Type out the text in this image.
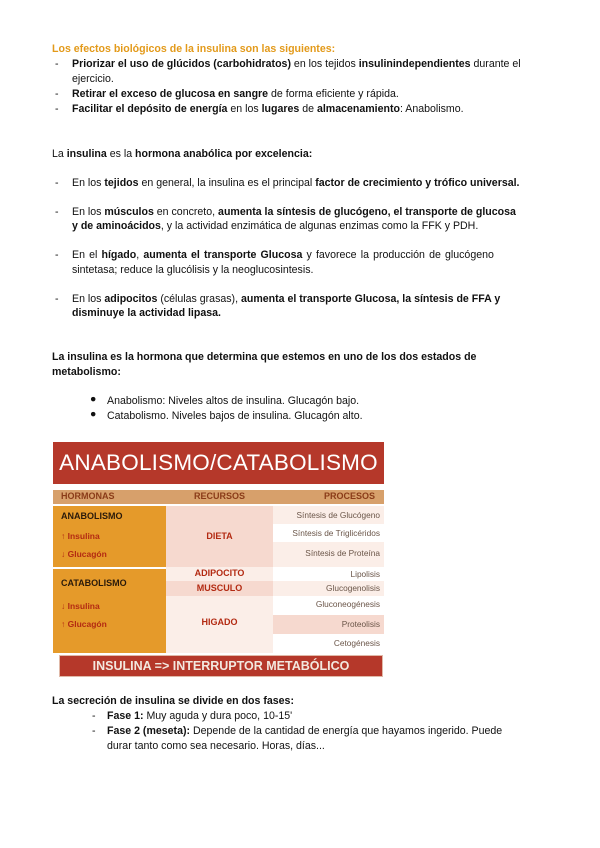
Los efectos biológicos de la insulina son las siguientes:
- Priorizar el uso de glúcidos (carbohidratos) en los tejidos insulinindependientes durante el
ejercicio.
- Retirar el exceso de glucosa en sangre de forma eficiente y rápida.
- Facilitar el depósito de energía en los lugares de almacenamiento: Anabolismo.
La insulina es la hormona anabólica por excelencia:
- En los tejidos en general, la insulina es el principal factor de crecimiento y trófico universal.
- En los músculos en concreto, aumenta la síntesis de glucógeno, el transporte de glucosa
y de aminoácidos, y la actividad enzimática de algunas enzimas como la FFK y PDH.
- En el hígado, aumenta el transporte Glucosa y favorece la producción de glucógeno
sintetasa; reduce la glucólisis y la neoglucosintesis.
- En los adipocitos (células grasas), aumenta el transporte Glucosa, la síntesis de FFA y
disminuye la actividad lipasa.
La insulina es la hormona que determina que estemos en uno de los dos estados de
metabolismo:
● Anabolismo: Niveles altos de insulina. Glucagón bajo.
● Catabolismo. Niveles bajos de insulina. Glucagón alto.
ANABOLISMO/CATABOLISMO
HORMONAS	RECURSOS	PROCESOS
ANABOLISMO
↑ Insulina
↓ Glucagón
CATABOLISMO
↓ Insulina
↑ Glucagón
DIETA
ADIPOCITO
MUSCULO
HIGADO
Síntesis de Glucógeno
Síntesis de Triglicéridos
Síntesis de Proteína
Lipolisis
Glucogenolisis
Gluconeogénesis
Proteolisis
Cetogénesis
INSULINA => INTERRUPTOR METABÓLICO
La secreción de insulina se divide en dos fases:
- Fase 1: Muy aguda y dura poco, 10-15'
- Fase 2 (meseta): Depende de la cantidad de energía que hayamos ingerido. Puede
durar tanto como sea necesario. Horas, días...
